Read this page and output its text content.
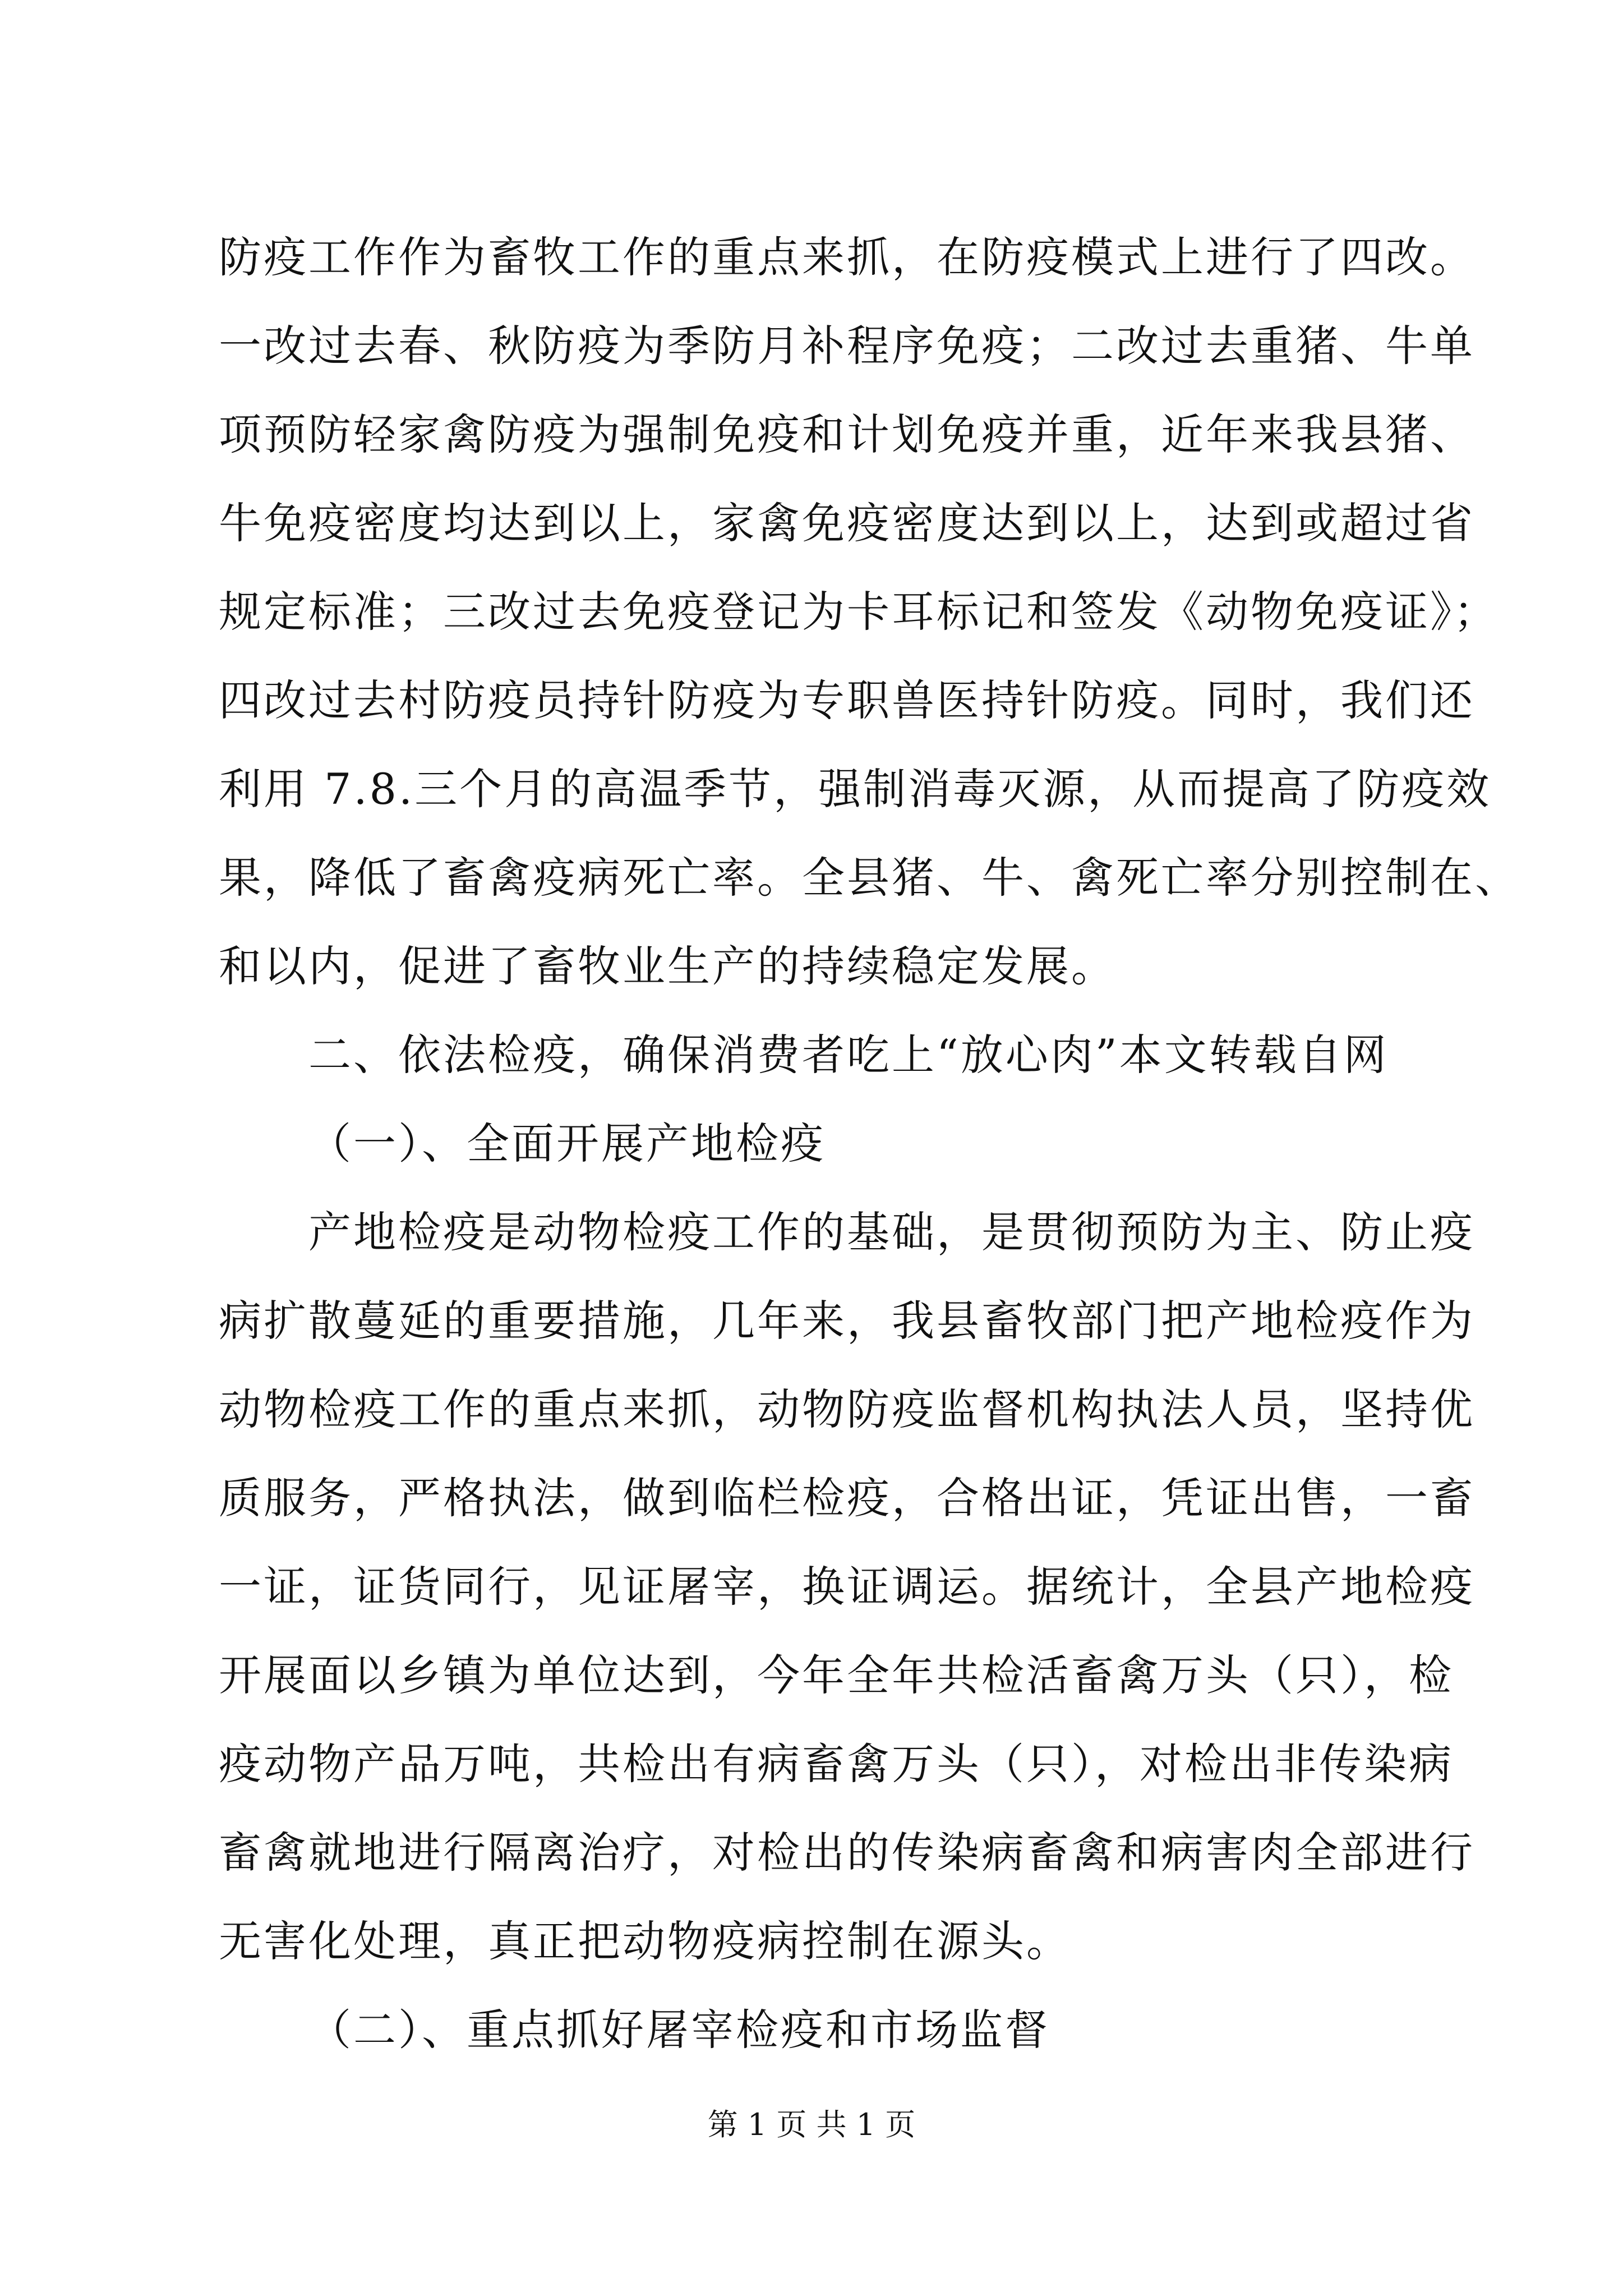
防疫工作作为畜牧工作的重点来抓，在防疫模式上进行了四改。

一改过去春、秋防疫为季防月补程序免疫；二改过去重猪、牛单

项预防轻家禽防疫为强制免疫和计划免疫并重，近年来我县猪、

牛免疫密度均达到以上，家禽免疫密度达到以上，达到或超过省

规定标准；三改过去免疫登记为卡耳标记和签发《动物免疫证》；

四改过去村防疫员持针防疫为专职兽医持针防疫。同时，我们还

利用 7.8.三个月的高温季节，强制消毒灭源，从而提高了防疫效

果，降低了畜禽疫病死亡率。全县猪、牛、禽死亡率分别控制在、

和以内，促进了畜牧业生产的持续稳定发展。

二、依法检疫，确保消费者吃上“放心肉”本文转载自网

（一）、全面开展产地检疫

产地检疫是动物检疫工作的基础，是贯彻预防为主、防止疫

病扩散蔓延的重要措施，几年来，我县畜牧部门把产地检疫作为

动物检疫工作的重点来抓，动物防疫监督机构执法人员，坚持优

质服务，严格执法，做到临栏检疫，合格出证，凭证出售，一畜

一证，证货同行，见证屠宰，换证调运。据统计，全县产地检疫

开展面以乡镇为单位达到，今年全年共检活畜禽万头（只），检

疫动物产品万吨，共检出有病畜禽万头（只），对检出非传染病

畜禽就地进行隔离治疗，对检出的传染病畜禽和病害肉全部进行

无害化处理，真正把动物疫病控制在源头。

（二）、重点抓好屠宰检疫和市场监督

第 1 页 共 1 页
